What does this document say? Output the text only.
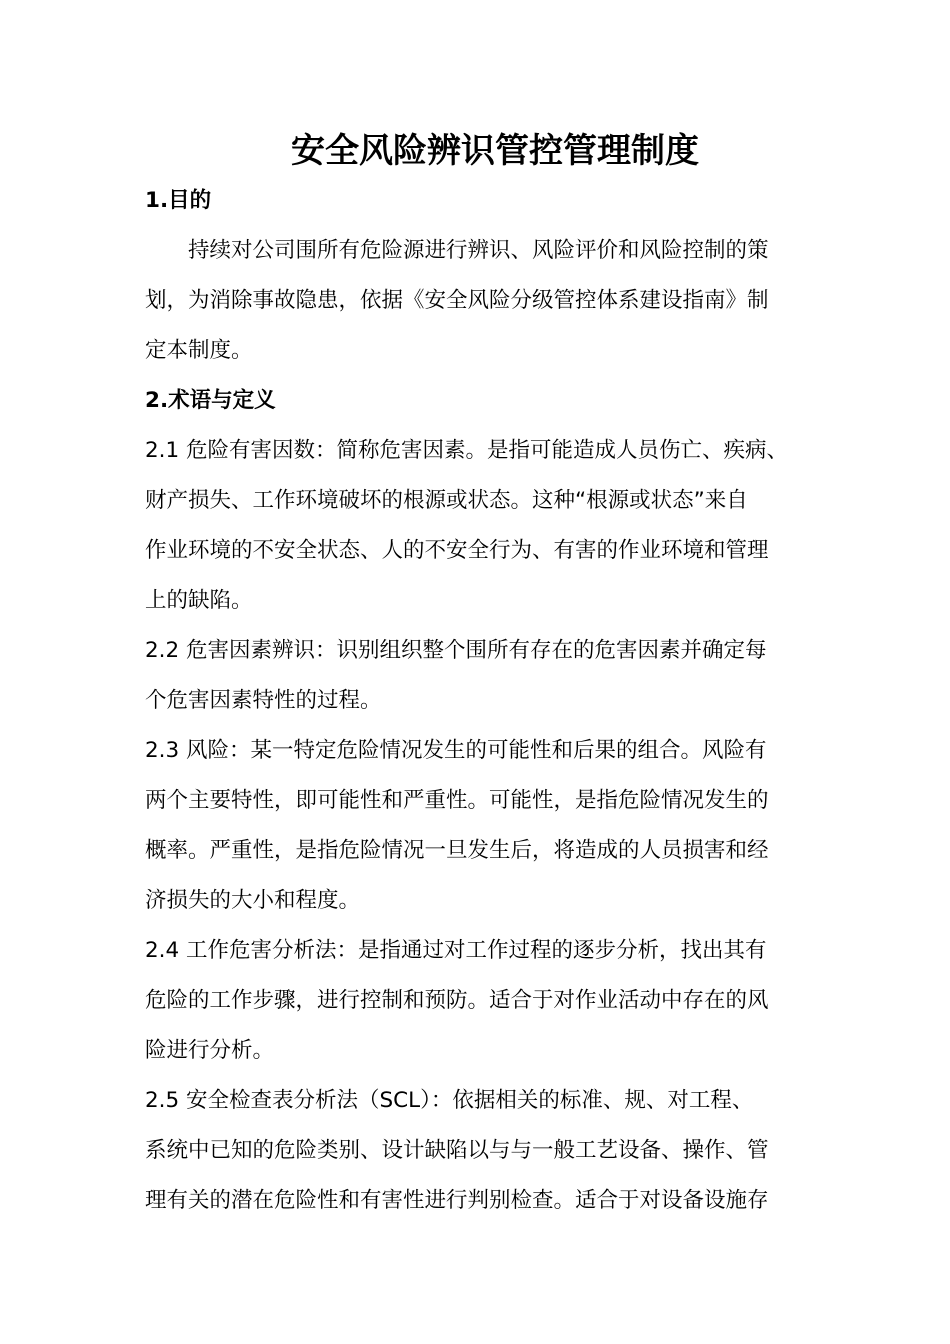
安全风险辨识管控管理制度

1.目的

持续对公司围所有危险源进行辨识、风险评价和风险控制的策

划，为消除事故隐患，依据《安全风险分级管控体系建设指南》制

定本制度。

2.术语与定义

2.1 危险有害因数：简称危害因素。是指可能造成人员伤亡、疾病、

财产损失、工作环境破坏的根源或状态。这种“根源或状态”来自

作业环境的不安全状态、人的不安全行为、有害的作业环境和管理

上的缺陷。

2.2 危害因素辨识：识别组织整个围所有存在的危害因素并确定每

个危害因素特性的过程。

2.3 风险：某一特定危险情况发生的可能性和后果的组合。风险有

两个主要特性，即可能性和严重性。可能性，是指危险情况发生的

概率。严重性，是指危险情况一旦发生后，将造成的人员损害和经

济损失的大小和程度。

2.4 工作危害分析法：是指通过对工作过程的逐步分析，找出其有

危险的工作步骤，进行控制和预防。适合于对作业活动中存在的风

险进行分析。

2.5 安全检查表分析法（SCL）：依据相关的标准、规、对工程、

系统中已知的危险类别、设计缺陷以与与一般工艺设备、操作、管

理有关的潜在危险性和有害性进行判别检查。适合于对设备设施存
